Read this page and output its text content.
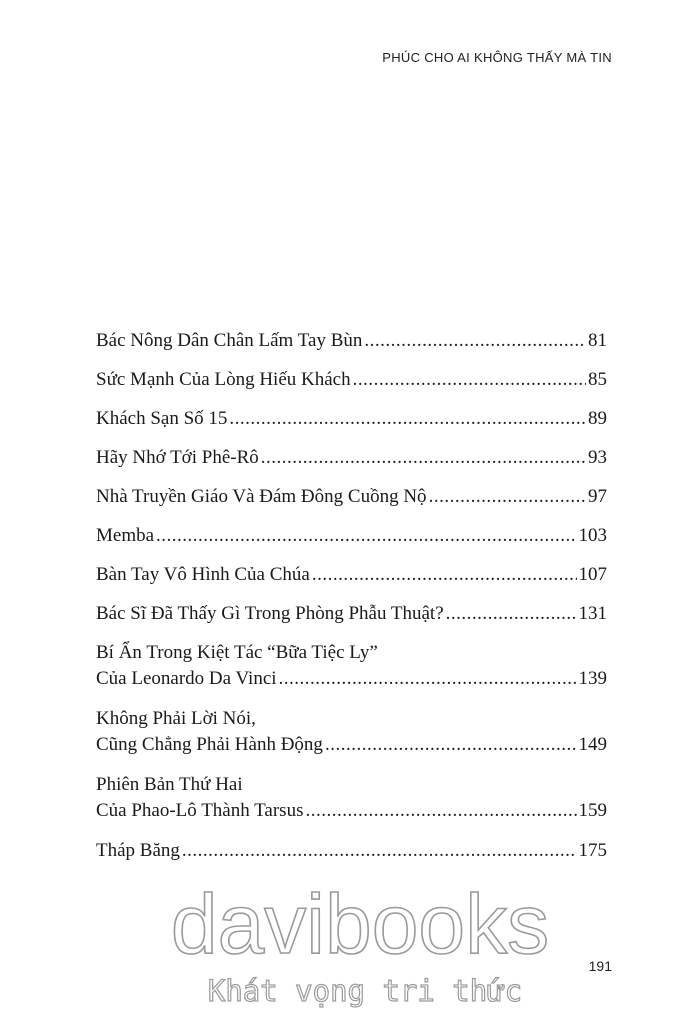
PHÚC CHO AI KHÔNG THẤY MÀ TIN
Bác Nông Dân Chân Lấm Tay Bùn .....	81
Sức Mạnh Của Lòng Hiếu Khách .....	85
Khách Sạn Số 15 .....	89
Hãy Nhớ Tới Phê-Rô .....	93
Nhà Truyền Giáo Và Đám Đông Cuồng Nộ .....	97
Memba .....	103
Bàn Tay Vô Hình Của Chúa .....	107
Bác Sĩ Đã Thấy Gì Trong Phòng Phẫu Thuật? .....	131
Bí Ẩn Trong Kiệt Tác “Bữa Tiệc Ly”
Của Leonardo Da Vinci .....	139
Không Phải Lời Nói,
Cũng Chẳng Phải Hành Động .....	149
Phiên Bản Thứ Hai
Của Phao-Lô Thành Tarsus .....	159
Tháp Băng .....	175
191
davibooks
Khát vọng tri thức
